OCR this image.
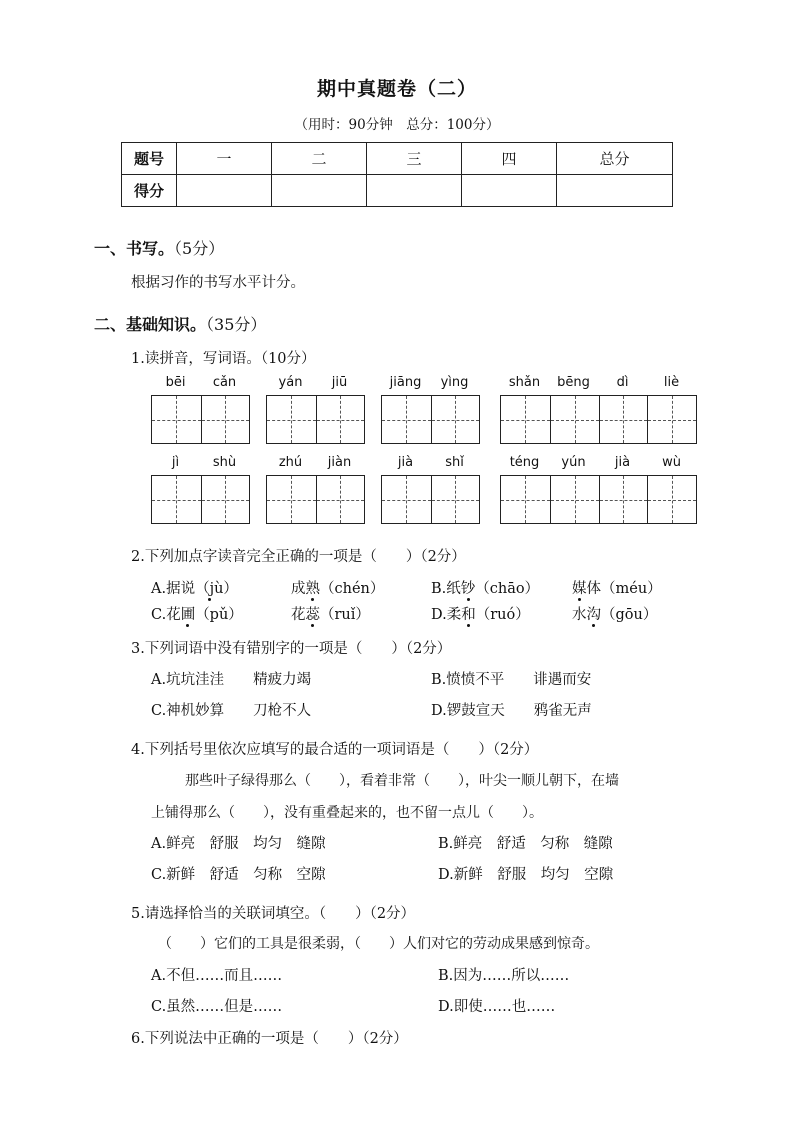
期中真题卷（二）
（用时：90分钟　总分：100分）
题号	一	二	三	四	总分
得分					
一、书写。（5分）
根据习作的书写水平计分。
二、基础知识。（35分）
1.读拼音，写词语。（10分）
bēi	cǎn	yán	jiū	jiāng	yìng	shǎn	bēng	dì	liè
jì	shù	zhú	jiàn	jià	shǐ	téng	yún	jià	wù
2.下列加点字读音完全正确的一项是（　　）（2分）
A.据说（jù）	成熟（chén）	B.纸钞（chāo） 媒体（méu）
C.花圃（pǔ）	花蕊（ruǐ）	D.柔和（ruó）	水沟（gōu）
3.下列词语中没有错别字的一项是（　　）（2分）
A.坑坑洼洼　　精疲力竭	B.愤愤不平　　诽遇而安
C.神机妙算　　刀枪不人	D.锣鼓宣天　　鸦雀无声
4.下列括号里依次应填写的最合适的一项词语是（　　）（2分）
那些叶子绿得那么（　　），看着非常（　　），叶尖一顺儿朝下，在墙
上铺得那么（　　），没有重叠起来的，也不留一点儿（　　）。
A.鲜亮　舒服　均匀　缝隙	B.鲜亮　舒适　匀称　缝隙
C.新鲜　舒适　匀称　空隙	D.新鲜　舒服　均匀　空隙
5.请选择恰当的关联词填空。（　　）（2分）
（　　）它们的工具是很柔弱，（　　）人们对它的劳动成果感到惊奇。
A.不但……而且……	B.因为……所以……
C.虽然……但是……	D.即使……也……
6.下列说法中正确的一项是（　　）（2分）
